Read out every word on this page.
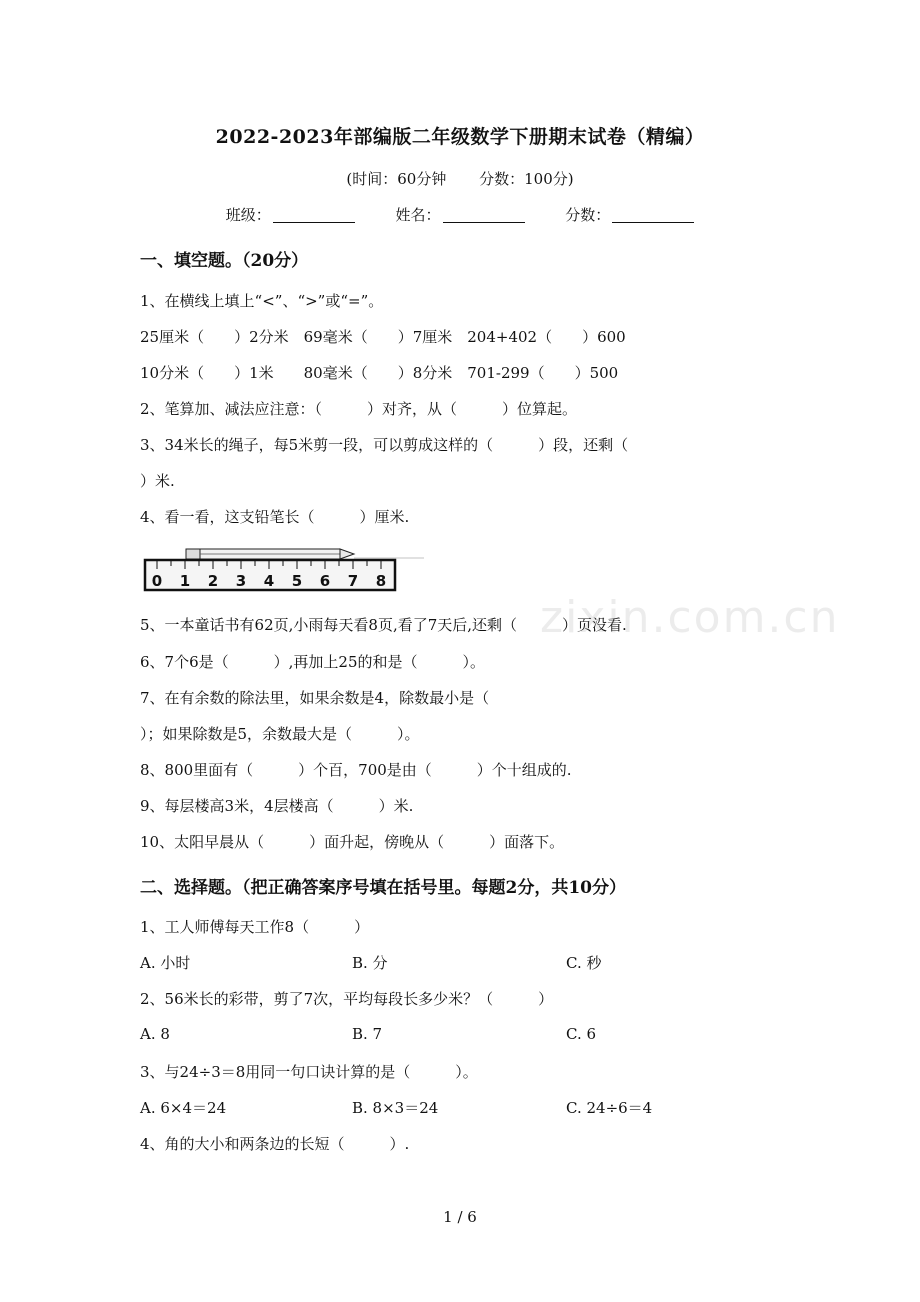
2022-2023年部编版二年级数学下册期末试卷（精编）
(时间：60分钟 分数：100分)
班级：	姓名：	分数：
一、填空题。（20分）
1、在横线上填上“<”、“>”或“=”。
25厘米（　　）2分米　69毫米（　　）7厘米　204+402（　　）600
10分米（　　）1米　　80毫米（　　）8分米　701-299（　　）500
2、笔算加、减法应注意：（　　　）对齐，从（　　　）位算起。
3、34米长的绳子，每5米剪一段，可以剪成这样的（　　　）段，还剩（
）米.
4、看一看，这支铅笔长（　　　）厘米.
0 1 2 3 4 5 6 7 8
5、一本童话书有62页,小雨每天看8页,看了7天后,还剩（　　　）页没看.
6、7个6是（　　　）,再加上25的和是（　　　）。
7、在有余数的除法里，如果余数是4，除数最小是（
）；如果除数是5，余数最大是（　　　）。
8、800里面有（　　　）个百，700是由（　　　）个十组成的.
9、每层楼高3米，4层楼高（　　　）米.
10、太阳早晨从（　　　）面升起，傍晚从（　　　）面落下。
zixin.com.cn
二、选择题。（把正确答案序号填在括号里。每题2分，共10分）
1、工人师傅每天工作8（　　　）
A. 小时	B. 分	C. 秒
2、56米长的彩带，剪了7次，平均每段长多少米？（　　　）
A. 8	B. 7	C. 6
3、与24÷3＝8用同一句口诀计算的是（　　　）。
A. 6×4＝24	B. 8×3＝24	C. 24÷6＝4
4、角的大小和两条边的长短（　　　）.
1 / 6
